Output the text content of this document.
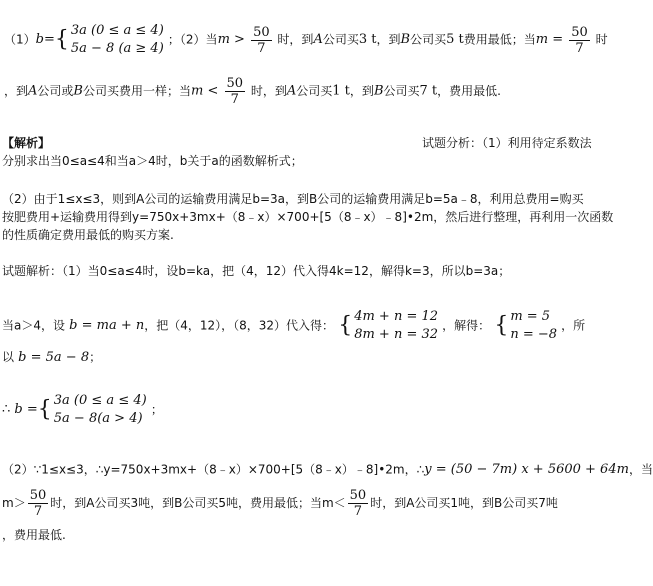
（1）b={ 3a (0 ≤ a ≤ 4)
5a − 8 (a ≥ 4)
；（2）当$m > \frac{50}{7}$ 时，到A公司买3 t，到B公司买5 t费用最低；当$m = \frac{50}{7}$ 时
，到A公司或B公司买费用一样；当$m < \frac{50}{7}$ 时，到A公司买1 t，到B公司买7 t，费用最低.
【解析】	试题分析：（1）利用待定系数法
分别求出当0≤a≤4和当a＞4时，b关于a的函数解析式；
（2）由于1≤x≤3，则到A公司的运输费用满足b=3a，到B公司的运输费用满足b=5a﹣8，利用总费用=购买
按肥费用+运输费用得到y=750x+3mx+（8﹣x）×700+[5（8﹣x）﹣8]•2m，然后进行整理，再利用一次函数
的性质确定费用最低的购买方案.
试题解析：（1）当0≤a≤4时，设b=ka，把（4，12）代入得4k=12，解得k=3，所以b=3a；
当a＞4，设 b = ma + n，把（4，12），（8，32）代入得： { 4m + n = 12
8m + n = 32
，解得： { m = 5
n = −8
，所
以 b = 5a − 8；
∴ b ={ 3a (0 ≤ a ≤ 4)
5a − 8(a > 4)
；
（2）∵1≤x≤3，∴y=750x+3mx+（8﹣x）×700+[5（8﹣x）﹣8]•2m，∴y = (50 − 7m) x + 5600 + 64m，当
$m> \frac{50}{7}$ 时，到A公司买3吨，到B公司买5吨，费用最低；当$m< \frac{50}{7}$ 时，到A公司买1吨，到B公司买7吨
，费用最低.
